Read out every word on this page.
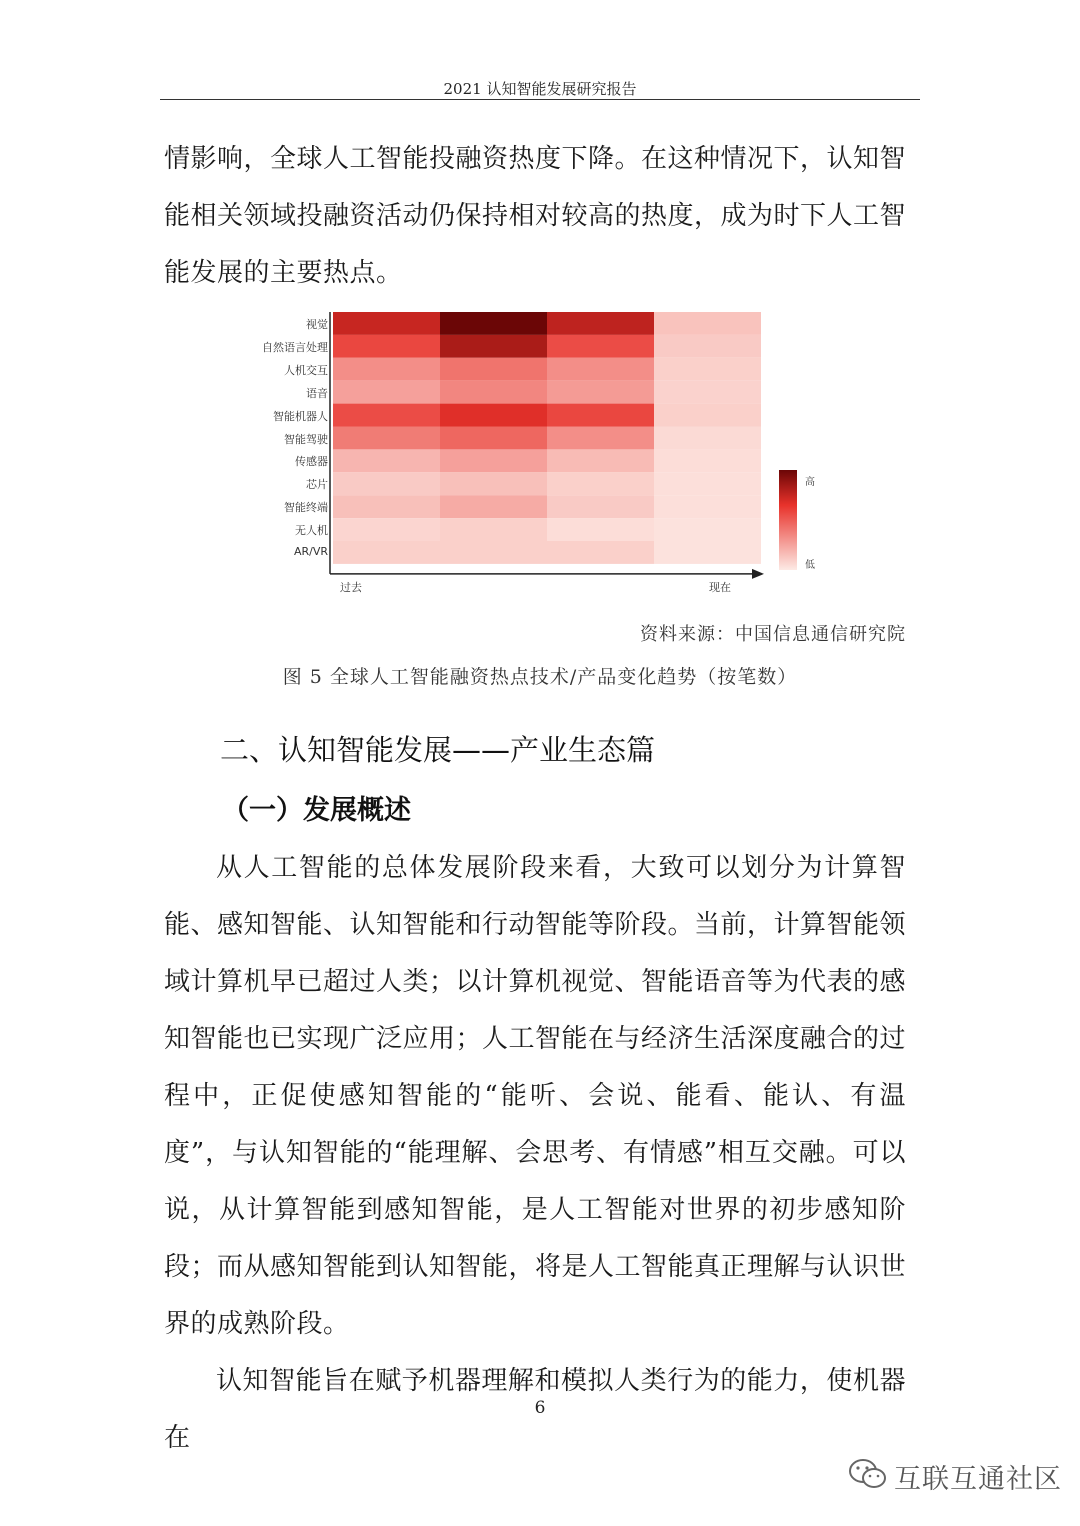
2021 认知智能发展研究报告

情影响，全球人工智能投融资热度下降。在这种情况下，认知智能相关领域投融资活动仍保持相对较高的热度，成为时下人工智能发展的主要热点。

视觉
自然语言处理
人机交互
语音
智能机器人
智能驾驶
传感器
芯片
智能终端
无人机
AR/VR
过去	现在
高
低
资料来源：中国信息通信研究院
图 5 全球人工智能融资热点技术/产品变化趋势（按笔数）
二、认知智能发展——产业生态篇
（一）发展概述

从人工智能的总体发展阶段来看，大致可以划分为计算智能、感知智能、认知智能和行动智能等阶段。当前，计算智能领域计算机早已超过人类；以计算机视觉、智能语音等为代表的感知智能也已实现广泛应用；人工智能在与经济生活深度融合的过程中，正促使感知智能的“能听、会说、能看、能认、有温度”，与认知智能的“能理解、会思考、有情感”相互交融。可以说，从计算智能到感知智能，是人工智能对世界的初步感知阶段；而从感知智能到认知智能，将是人工智能真正理解与认识世界的成熟阶段。

认知智能旨在赋予机器理解和模拟人类行为的能力，使机器在

6
互联互通社区
